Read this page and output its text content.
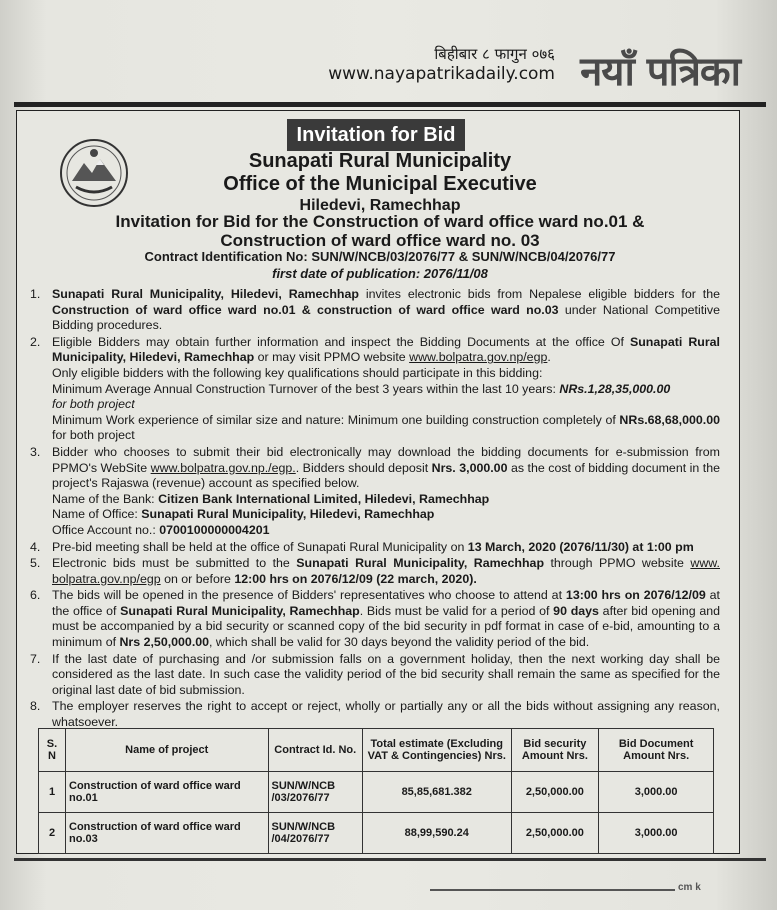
बिहीबार ८ फागुन ०७६
www.nayapatrikadaily.com नयाँ पत्रिका
Invitation for Bid
Sunapati Rural Municipality
Office of the Municipal Executive
Hiledevi, Ramechhap
Invitation for Bid for the Construction of ward office ward no.01 &
Construction of ward office ward no. 03
Contract Identification No: SUN/W/NCB/03/2076/77 & SUN/W/NCB/04/2076/77
first date of publication: 2076/11/08
1. Sunapati Rural Municipality, Hiledevi, Ramechhap invites electronic bids from Nepalese eligible bidders for the Construction of ward office ward no.01 & construction of ward office ward no.03 under National Competitive Bidding procedures.
2. Eligible Bidders may obtain further information and inspect the Bidding Documents at the office Of Sunapati Rural Municipality, Hiledevi, Ramechhap or may visit PPMO website www.bolpatra.gov.np/egp.
Only eligible bidders with the following key qualifications should participate in this bidding:
Minimum Average Annual Construction Turnover of the best 3 years within the last 10 years: NRs.1,28,35,000.00
for both project
Minimum Work experience of similar size and nature: Minimum one building construction completely of NRs.68,68,000.00 for both project
3. Bidder who chooses to submit their bid electronically may download the bidding documents for e-submission from PPMO's WebSite www.bolpatra.gov.np./egp.. Bidders should deposit Nrs. 3,000.00 as the cost of bidding document in the project's Rajaswa (revenue) account as specified below.
Name of the Bank: Citizen Bank International Limited, Hiledevi, Ramechhap
Name of Office: Sunapati Rural Municipality, Hiledevi, Ramechhap
Office Account no.: 0700100000004201
4. Pre-bid meeting shall be held at the office of Sunapati Rural Municipality on 13 March, 2020 (2076/11/30) at 1:00 pm
5. Electronic bids must be submitted to the Sunapati Rural Municipality, Ramechhap through PPMO website www. bolpatra.gov.np/egp on or before 12:00 hrs on 2076/12/09 (22 march, 2020).
6. The bids will be opened in the presence of Bidders' representatives who choose to attend at 13:00 hrs on 2076/12/09 at the office of Sunapati Rural Municipality, Ramechhap. Bids must be valid for a period of 90 days after bid opening and must be accompanied by a bid security or scanned copy of the bid security in pdf format in case of e-bid, amounting to a minimum of Nrs 2,50,000.00, which shall be valid for 30 days beyond the validity period of the bid.
7. If the last date of purchasing and /or submission falls on a government holiday, then the next working day shall be considered as the last date. In such case the validity period of the bid security shall remain the same as specified for the original last date of bid submission.
8. The employer reserves the right to accept or reject, wholly or partially any or all the bids without assigning any reason, whatsoever.
S. N	Name of project	Contract Id. No.	Total estimate (Excluding VAT & Contingencies) Nrs.	Bid security Amount Nrs.	Bid Document Amount Nrs.
1	Construction of ward office ward no.01	SUN/W/NCB /03/2076/77	85,85,681.382	2,50,000.00	3,000.00
2	Construction of ward office ward no.03	SUN/W/NCB /04/2076/77	88,99,590.24	2,50,000.00	3,000.00
cm k
